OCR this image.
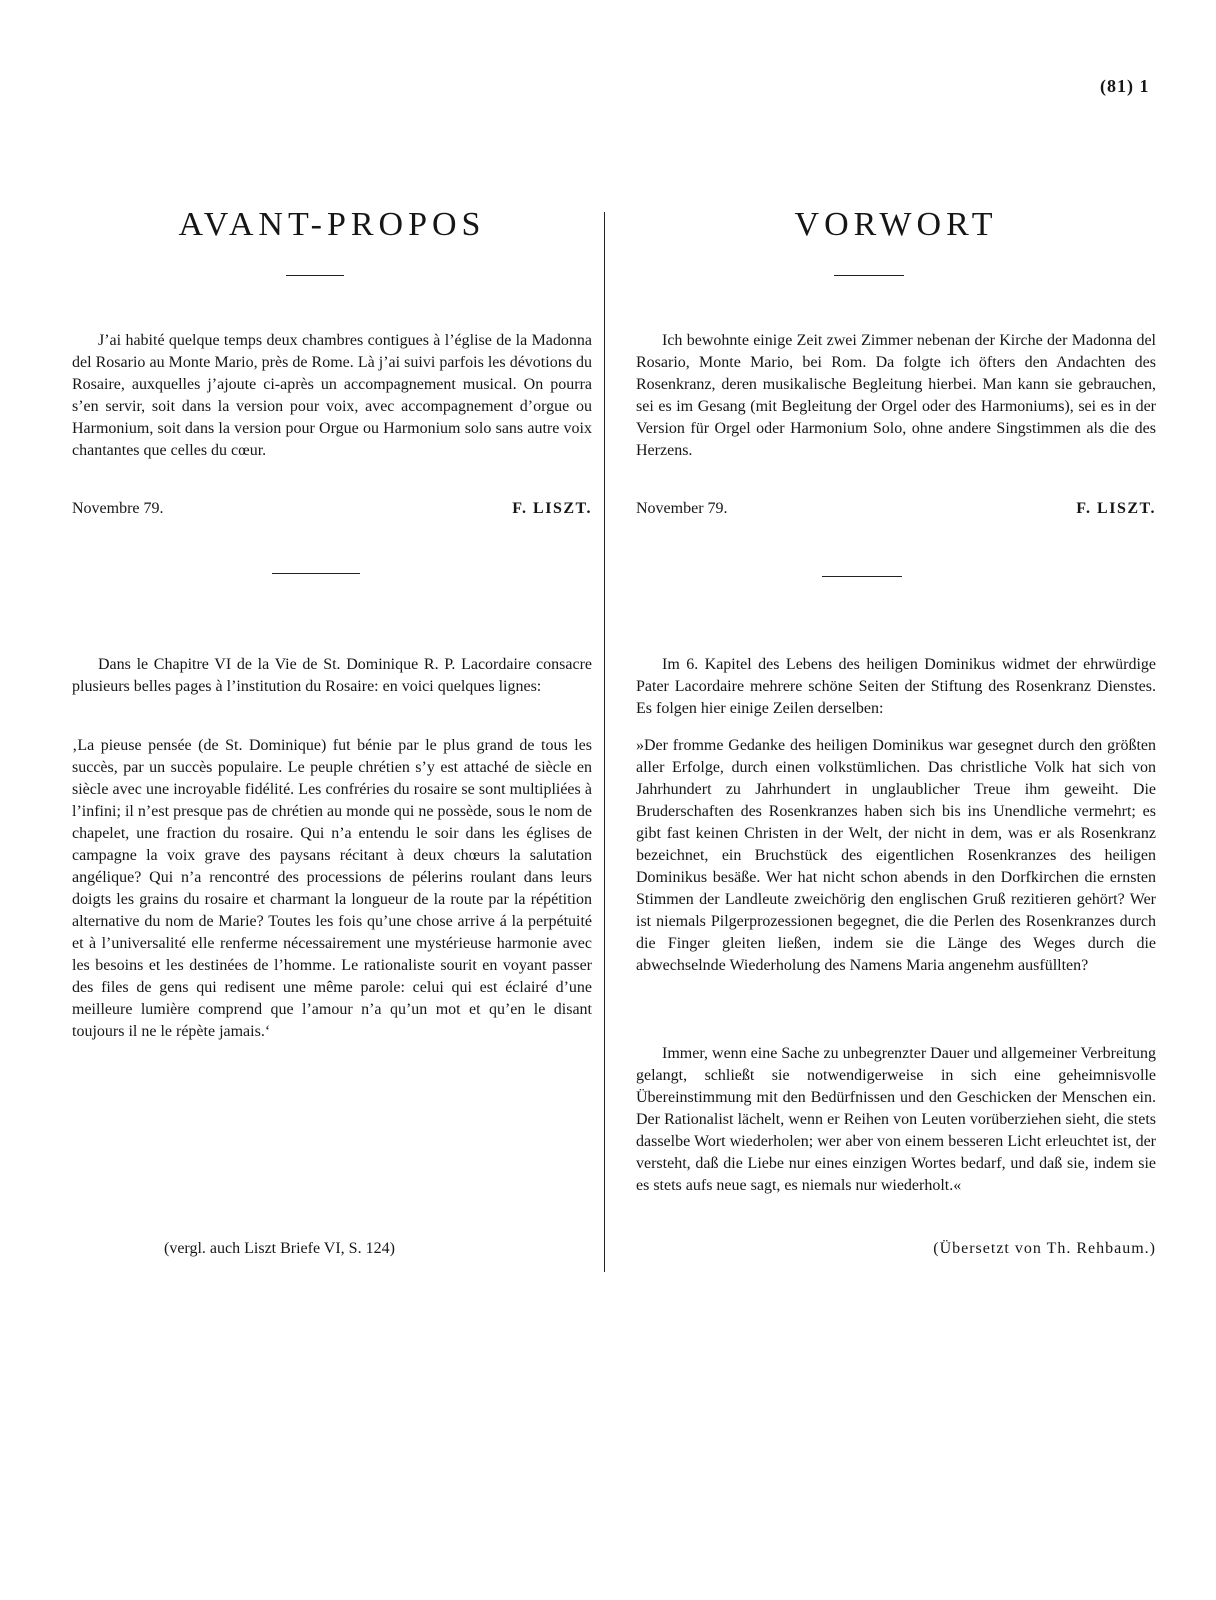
(81) 1
AVANT-PROPOS

J’ai habité quelque temps deux chambres contigues à l’église de la Madonna del Rosario au Monte Mario, près de Rome. Là j’ai suivi parfois les dévotions du Rosaire, auxquelles j’ajoute ci-après un accompagnement musical. On pourra s’en servir, soit dans la version pour voix, avec accompagnement d’orgue ou Harmonium, soit dans la version pour Orgue ou Harmonium solo sans autre voix chantantes que celles du cœur.

Novembre 79.	F. LISZT.

Dans le Chapitre VI de la Vie de St. Dominique R. P. Lacordaire consacre plusieurs belles pages à l’institution du Rosaire: en voici quelques lignes:

‚La pieuse pensée (de St. Dominique) fut bénie par le plus grand de tous les succès, par un succès populaire. Le peuple chrétien s’y est attaché de siècle en siècle avec une incroyable fidélité. Les confréries du rosaire se sont multipliées à l’infini; il n’est presque pas de chrétien au monde qui ne possède, sous le nom de chapelet, une fraction du rosaire. Qui n’a entendu le soir dans les églises de campagne la voix grave des paysans récitant à deux chœurs la salutation angélique? Qui n’a rencontré des processions de pélerins roulant dans leurs doigts les grains du rosaire et charmant la longueur de la route par la répétition alternative du nom de Marie? Toutes les fois qu’une chose arrive á la perpétuité et à l’universalité elle renferme nécessairement une mystérieuse harmonie avec les besoins et les destinées de l’homme. Le rationaliste sourit en voyant passer des files de gens qui redisent une même parole: celui qui est éclairé d’une meilleure lumière comprend que l’amour n’a qu’un mot et qu’en le disant toujours il ne le répète jamais.‘

(vergl. auch Liszt Briefe VI, S. 124)
VORWORT

Ich bewohnte einige Zeit zwei Zimmer nebenan der Kirche der Madonna del Rosario, Monte Mario, bei Rom. Da folgte ich öfters den Andachten des Rosenkranz, deren musikalische Begleitung hierbei. Man kann sie gebrauchen, sei es im Gesang (mit Begleitung der Orgel oder des Harmoniums), sei es in der Version für Orgel oder Harmonium Solo, ohne andere Singstimmen als die des Herzens.

November 79.	F. LISZT.

Im 6. Kapitel des Lebens des heiligen Dominikus widmet der ehrwürdige Pater Lacordaire mehrere schöne Seiten der Stiftung des Rosenkranz Dienstes. Es folgen hier einige Zeilen derselben:

»Der fromme Gedanke des heiligen Dominikus war gesegnet durch den größten aller Erfolge, durch einen volkstümlichen. Das christliche Volk hat sich von Jahrhundert zu Jahrhundert in unglaublicher Treue ihm geweiht. Die Bruderschaften des Rosenkranzes haben sich bis ins Unendliche vermehrt; es gibt fast keinen Christen in der Welt, der nicht in dem, was er als Rosenkranz bezeichnet, ein Bruchstück des eigentlichen Rosenkranzes des heiligen Dominikus besäße. Wer hat nicht schon abends in den Dorfkirchen die ernsten Stimmen der Landleute zweichörig den englischen Gruß rezitieren gehört? Wer ist niemals Pilgerprozessionen begegnet, die die Perlen des Rosenkranzes durch die Finger gleiten ließen, indem sie die Länge des Weges durch die abwechselnde Wiederholung des Namens Maria angenehm ausfüllten?

Immer, wenn eine Sache zu unbegrenzter Dauer und allgemeiner Verbreitung gelangt, schließt sie notwendigerweise in sich eine geheimnisvolle Übereinstimmung mit den Bedürfnissen und den Geschicken der Menschen ein. Der Rationalist lächelt, wenn er Reihen von Leuten vorüberziehen sieht, die stets dasselbe Wort wiederholen; wer aber von einem besseren Licht erleuchtet ist, der versteht, daß die Liebe nur eines einzigen Wortes bedarf, und daß sie, indem sie es stets aufs neue sagt, es niemals nur wiederholt.«

(Übersetzt von Th. Rehbaum.)
